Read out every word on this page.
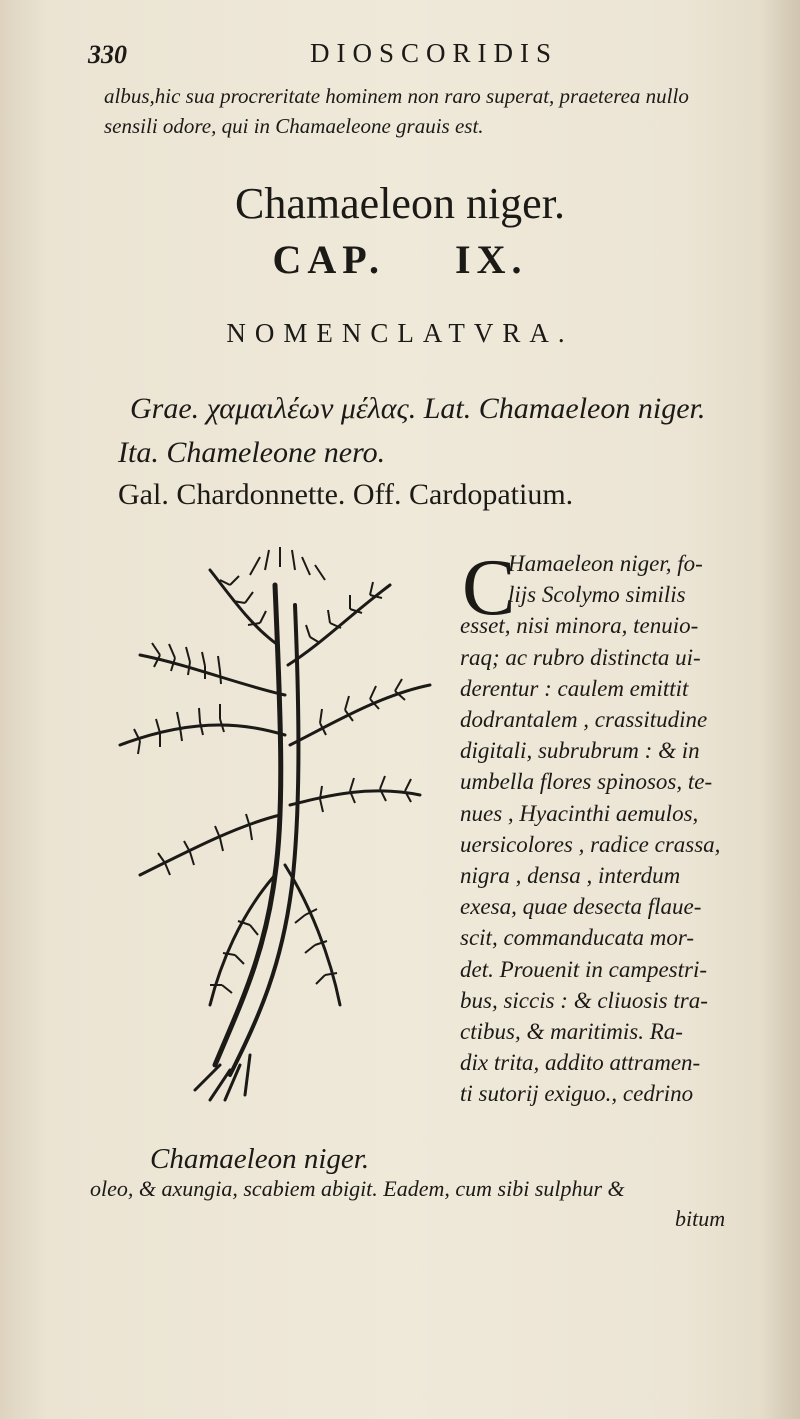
330	DIOSCORIDIS
albus,hic sua procreritate hominem non raro superat, praeterea nullo
sensili odore, qui in Chamaeleone grauis est.
Chamaeleon niger.
CAP. IX.
NOMENCLATVRA.
Grae. χαμαιλέων μέλας. Lat. Chamaeleon niger.
Ita. Chameleone nero.
Gal. Chardonnette. Off. Cardopatium.
Chamaeleon niger.
C
Hamaeleon niger, fo-
lijs Scolymo similis
esset, nisi minora, tenuio-
raq; ac rubro distincta ui-
derentur : caulem emittit
dodrantalem , crassitudine
digitali, subrubrum : & in
umbella flores spinosos, te-
nues , Hyacinthi aemulos,
uersicolores , radice crassa,
nigra , densa , interdum
exesa, quae desecta flaue-
scit, commanducata mor-
det. Prouenit in campestri-
bus, siccis : & cliuosis tra-
ctibus, & maritimis. Ra-
dix trita, addito attramen-
ti sutorij exiguo., cedrino
oleo, & axungia, scabiem abigit. Eadem, cum sibi sulphur &
bitum
